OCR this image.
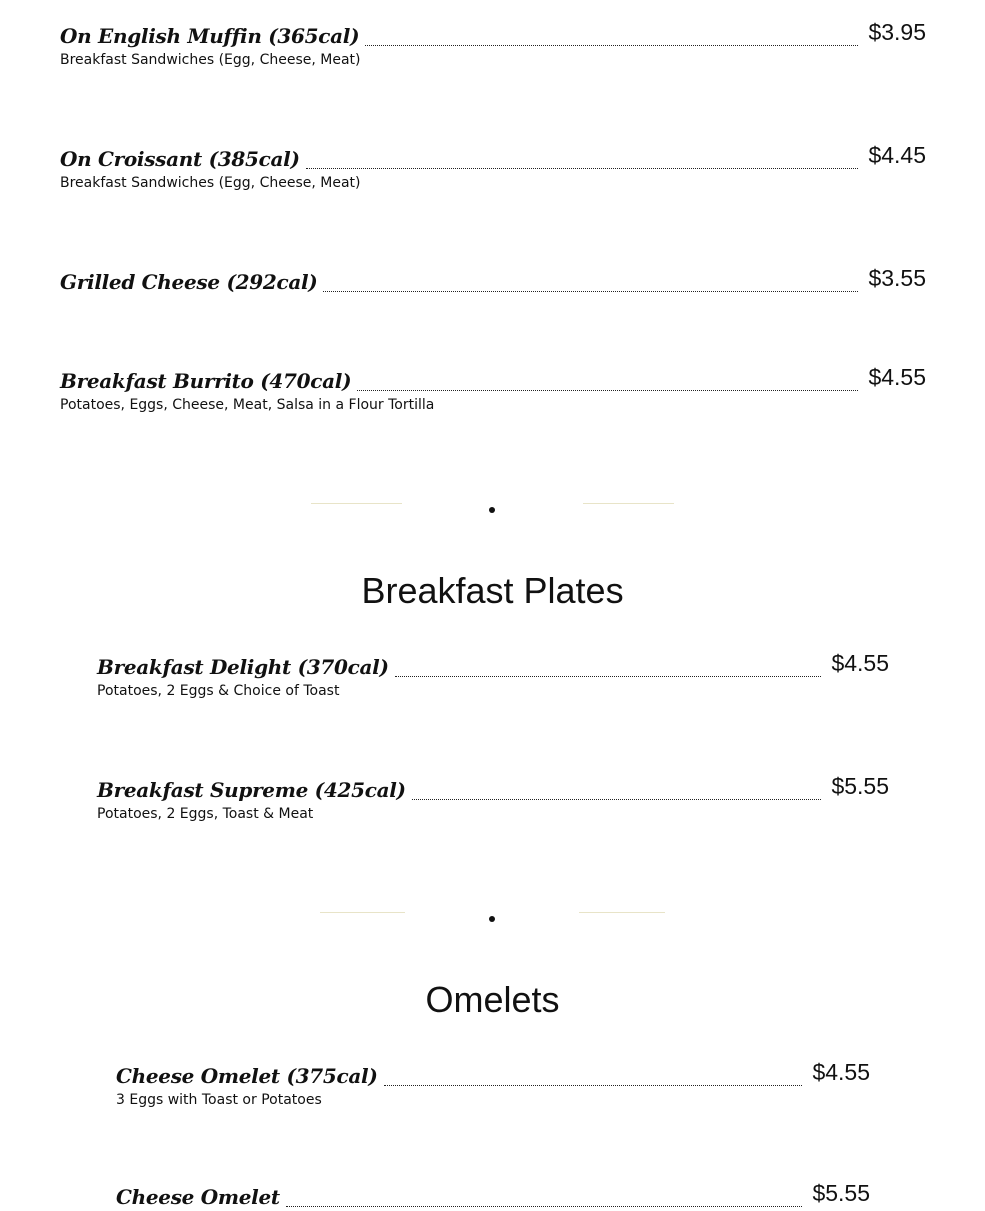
On English Muffin (365cal)	$3.95
Breakfast Sandwiches (Egg, Cheese, Meat)
On Croissant (385cal)	$4.45
Breakfast Sandwiches (Egg, Cheese, Meat)
Grilled Cheese (292cal)	$3.55
Breakfast Burrito (470cal)	$4.55
Potatoes, Eggs, Cheese, Meat, Salsa in a Flour Tortilla
Breakfast Plates
Breakfast Delight (370cal)	$4.55
Potatoes, 2 Eggs & Choice of Toast
Breakfast Supreme (425cal)	$5.55
Potatoes, 2 Eggs, Toast & Meat
Omelets
Cheese Omelet (375cal)	$4.55
3 Eggs with Toast or Potatoes
Cheese Omelet	$5.55
